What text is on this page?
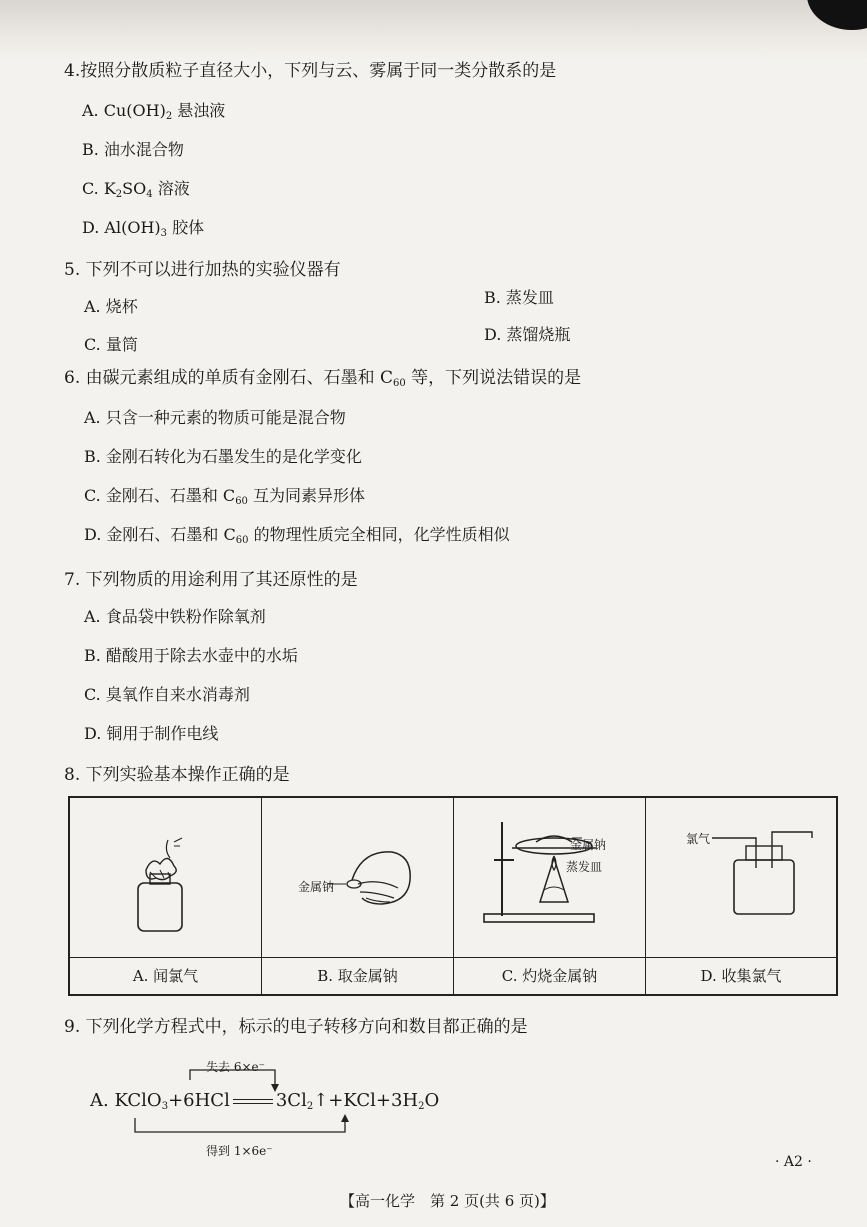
4.按照分散质粒子直径大小，下列与云、雾属于同一类分散系的是
A. $Cu(OH)_2$ 悬浊液
B. 油水混合物
C. $K_2SO_4$ 溶液
D. $Al(OH)_3$ 胶体
5. 下列不可以进行加热的实验仪器有
A. 烧杯	B. 蒸发皿
C. 量筒
D. 蒸馏烧瓶
6. 由碳元素组成的单质有金刚石、石墨和 $C_{60}$ 等，下列说法错误的是
A. 只含一种元素的物质可能是混合物
B. 金刚石转化为石墨发生的是化学变化
C. 金刚石、石墨和 $C_{60}$ 互为同素异形体
D. 金刚石、石墨和 $C_{60}$ 的物理性质完全相同，化学性质相似
7. 下列物质的用途利用了其还原性的是
A. 食品袋中铁粉作除氧剂
B. 醋酸用于除去水壶中的水垢
C. 臭氧作自来水消毒剂
D. 铜用于制作电线
8. 下列实验基本操作正确的是
A. 闻氯气
金属钠
B. 取金属钠
金属钠
蒸发皿
C. 灼烧金属钠
氯气
D. 收集氯气
9. 下列化学方程式中，标示的电子转移方向和数目都正确的是
失去 6×e⁻
得到 1×6e⁻
A. KClO$_3$+6HCl	$3Cl_2↑+KCl+3H_2O$
· A2 ·
【高一化学　第 2 页(共 6 页)】
